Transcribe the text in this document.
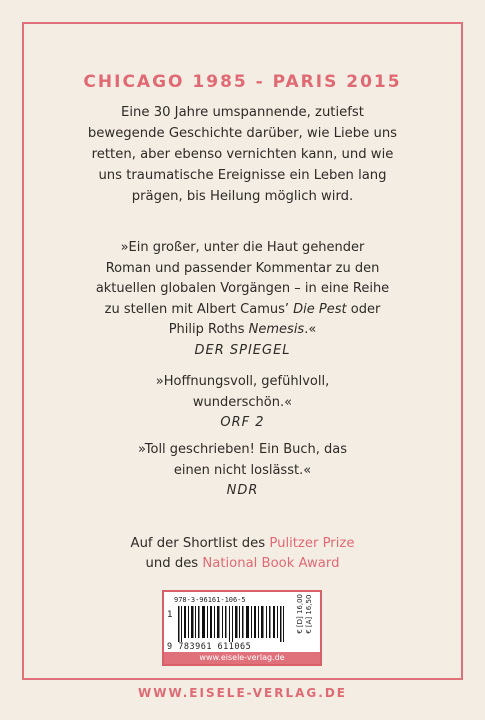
CHICAGO 1985 - PARIS 2015
Eine 30 Jahre umspannende, zutiefst
bewegende Geschichte darüber, wie Liebe uns
retten, aber ebenso vernichten kann, und wie
uns traumatische Ereignisse ein Leben lang
prägen, bis Heilung möglich wird.
»Ein großer, unter die Haut gehender
Roman und passender Kommentar zu den
aktuellen globalen Vorgängen – in eine Reihe
zu stellen mit Albert Camus’ Die Pest oder
Philip Roths Nemesis.«
DER SPIEGEL
»Hoffnungsvoll, gefühlvoll,
wunderschön.«
ORF 2
»Toll geschrieben! Ein Buch, das
einen nicht loslässt.«
NDR
Auf der Shortlist des Pulitzer Prize
und des National Book Award
978-3-96161-106-5
1
9 783961 611065
€ [D] 16,00 € [A] 16,50
www.eisele-verlag.de
WWW.EISELE-VERLAG.DE
